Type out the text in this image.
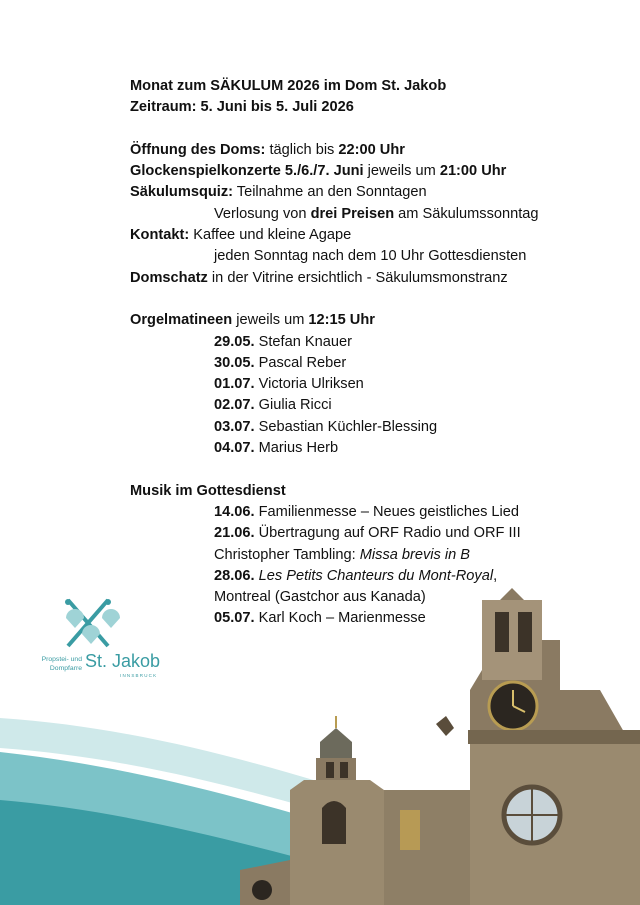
Monat zum SÄKULUM 2026 im Dom St. Jakob
Zeitraum: 5. Juni bis 5. Juli 2026
Öffnung des Doms: täglich bis 22:00 Uhr
Glockenspielkonzerte 5./6./7. Juni jeweils um 21:00 Uhr
Säkulumsquiz: Teilnahme an den Sonntagen
Verlosung von drei Preisen am Säkulumssonntag
Kontakt: Kaffee und kleine Agape
jeden Sonntag nach dem 10 Uhr Gottesdiensten
Domschatz in der Vitrine ersichtlich - Säkulumsmonstranz
Orgelmatineen jeweils um 12:15 Uhr
29.05. Stefan Knauer
30.05. Pascal Reber
01.07. Victoria Ulriksen
02.07. Giulia Ricci
03.07. Sebastian Küchler-Blessing
04.07. Marius Herb
Musik im Gottesdienst
14.06. Familienmesse – Neues geistliches Lied
21.06. Übertragung auf ORF Radio und ORF III
Christopher Tambling: Missa brevis in B
28.06. Les Petits Chanteurs du Mont-Royal,
Montreal (Gastchor aus Kanada)
05.07. Karl Koch – Marienmesse
Propstei- und
Dompfarre St. Jakob
INNSBRUCK
